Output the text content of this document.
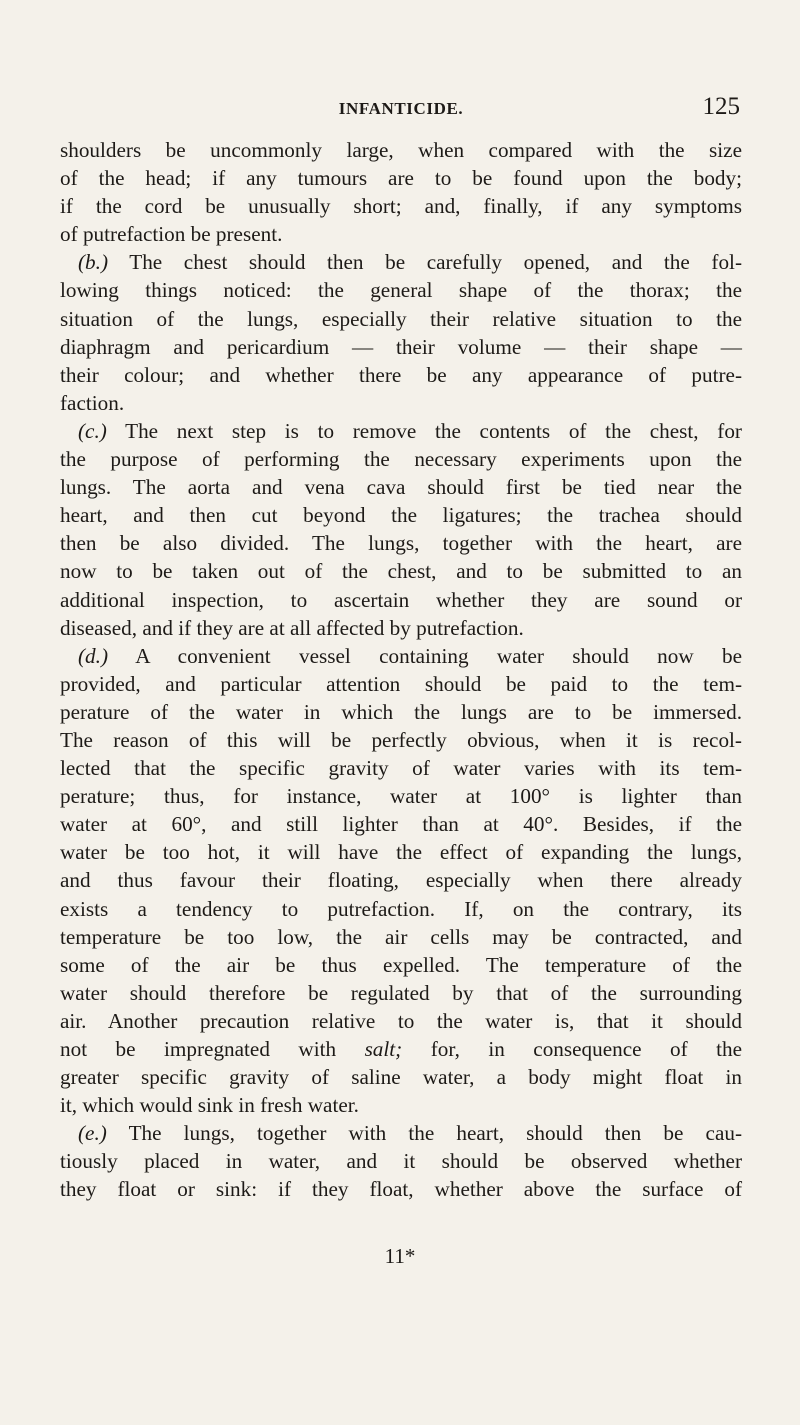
INFANTICIDE.	125
shoulders be uncommonly large, when compared with the size
of the head; if any tumours are to be found upon the body;
if the cord be unusually short; and, finally, if any symptoms
of putrefaction be present.
(b.) The chest should then be carefully opened, and the fol-
lowing things noticed: the general shape of the thorax; the
situation of the lungs, especially their relative situation to the
diaphragm and pericardium — their volume — their shape —
their colour; and whether there be any appearance of putre-
faction.
(c.) The next step is to remove the contents of the chest, for
the purpose of performing the necessary experiments upon the
lungs. The aorta and vena cava should first be tied near the
heart, and then cut beyond the ligatures; the trachea should
then be also divided. The lungs, together with the heart, are
now to be taken out of the chest, and to be submitted to an
additional inspection, to ascertain whether they are sound or
diseased, and if they are at all affected by putrefaction.
(d.) A convenient vessel containing water should now be
provided, and particular attention should be paid to the tem-
perature of the water in which the lungs are to be immersed.
The reason of this will be perfectly obvious, when it is recol-
lected that the specific gravity of water varies with its tem-
perature; thus, for instance, water at 100° is lighter than
water at 60°, and still lighter than at 40°. Besides, if the
water be too hot, it will have the effect of expanding the lungs,
and thus favour their floating, especially when there already
exists a tendency to putrefaction. If, on the contrary, its
temperature be too low, the air cells may be contracted, and
some of the air be thus expelled. The temperature of the
water should therefore be regulated by that of the surrounding
air. Another precaution relative to the water is, that it should
not be impregnated with salt; for, in consequence of the
greater specific gravity of saline water, a body might float in
it, which would sink in fresh water.
(e.) The lungs, together with the heart, should then be cau-
tiously placed in water, and it should be observed whether
they float or sink: if they float, whether above the surface of
11*
